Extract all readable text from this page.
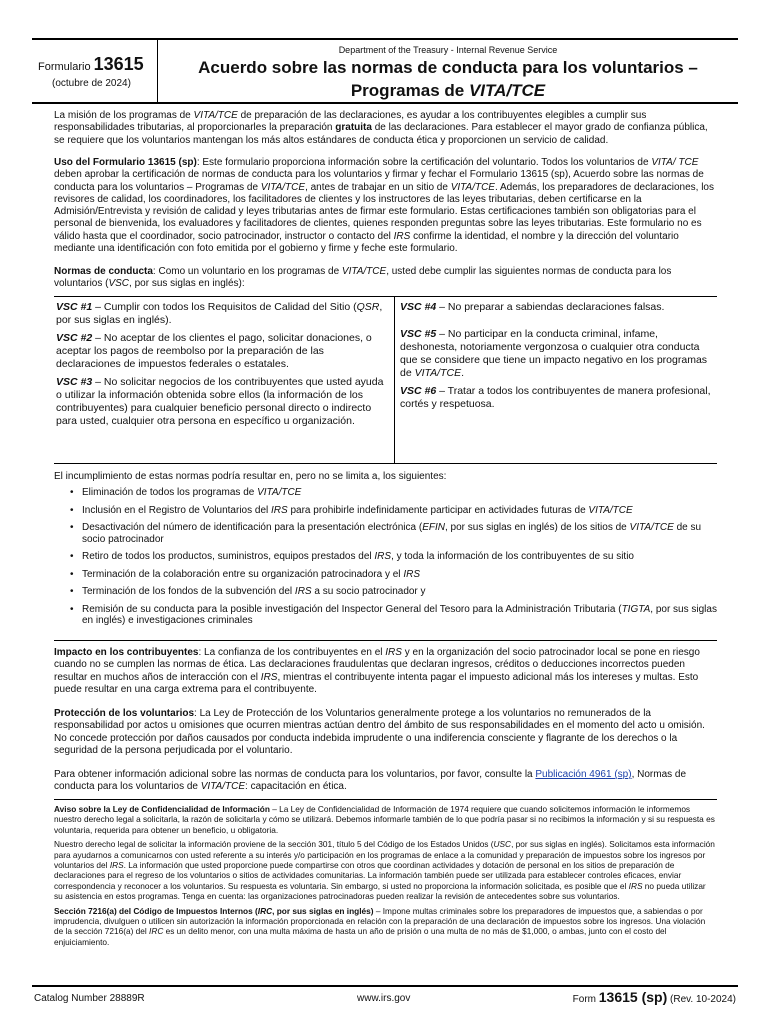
Formulario 13615
(octubre de 2024)
Department of the Treasury - Internal Revenue Service
Acuerdo sobre las normas de conducta para los voluntarios –
Programas de VITA/TCE

La misión de los programas de VITA/TCE de preparación de las declaraciones, es ayudar a los contribuyentes elegibles a cumplir sus responsabilidades tributarias, al proporcionarles la preparación gratuita de las declaraciones. Para establecer el mayor grado de confianza pública, se requiere que los voluntarios mantengan los más altos estándares de conducta ética y proporcionen un servicio de calidad.

Uso del Formulario 13615 (sp): Este formulario proporciona información sobre la certificación del voluntario. Todos los voluntarios de VITA/ TCE deben aprobar la certificación de normas de conducta para los voluntarios y firmar y fechar el Formulario 13615 (sp), Acuerdo sobre las normas de conducta para los voluntarios – Programas de VITA/TCE, antes de trabajar en un sitio de VITA/TCE. Además, los preparadores de declaraciones, los revisores de calidad, los coordinadores, los facilitadores de clientes y los instructores de las leyes tributarias, deben certificarse en la Admisión/Entrevista y revisión de calidad y leyes tributarias antes de firmar este formulario. Estas certificaciones también son obligatorias para el personal de bienvenida, los evaluadores y facilitadores de clientes, quienes responden preguntas sobre las leyes tributarias. Este formulario no es válido hasta que el coordinador, socio patrocinador, instructor o contacto del IRS confirme la identidad, el nombre y la dirección del voluntario mediante una identificación con foto emitida por el gobierno y firme y feche este formulario.

Normas de conducta: Como un voluntario en los programas de VITA/TCE, usted debe cumplir las siguientes normas de conducta para los voluntarios (VSC, por sus siglas en inglés):

VSC #1 – Cumplir con todos los Requisitos de Calidad del Sitio (QSR, por sus siglas en inglés).
VSC #2 – No aceptar de los clientes el pago, solicitar donaciones, o aceptar los pagos de reembolso por la preparación de las declaraciones de impuestos federales o estatales.
VSC #3 – No solicitar negocios de los contribuyentes que usted ayuda o utilizar la información obtenida sobre ellos (la información de los contribuyentes) para cualquier beneficio personal directo o indirecto para usted, cualquier otra persona en específico u organización.
VSC #4 – No preparar a sabiendas declaraciones falsas.
VSC #5 – No participar en la conducta criminal, infame, deshonesta, notoriamente vergonzosa o cualquier otra conducta que se considere que tiene un impacto negativo en los programas de VITA/TCE.
VSC #6 – Tratar a todos los contribuyentes de manera profesional, cortés y respetuosa.
El incumplimiento de estas normas podría resultar en, pero no se limita a, los siguientes:
• Eliminación de todos los programas de VITA/TCE
• Inclusión en el Registro de Voluntarios del IRS para prohibirle indefinidamente participar en actividades futuras de VITA/TCE
• Desactivación del número de identificación para la presentación electrónica (EFIN, por sus siglas en inglés) de los sitios de VITA/TCE de su socio patrocinador
• Retiro de todos los productos, suministros, equipos prestados del IRS, y toda la información de los contribuyentes de su sitio
• Terminación de la colaboración entre su organización patrocinadora y el IRS
• Terminación de los fondos de la subvención del IRS a su socio patrocinador y
• Remisión de su conducta para la posible investigación del Inspector General del Tesoro para la Administración Tributaria (TIGTA, por sus siglas en inglés) e investigaciones criminales

Impacto en los contribuyentes: La confianza de los contribuyentes en el IRS y en la organización del socio patrocinador local se pone en riesgo cuando no se cumplen las normas de ética. Las declaraciones fraudulentas que declaran ingresos, créditos o deducciones incorrectos pueden resultar en muchos años de interacción con el IRS, mientras el contribuyente intenta pagar el impuesto adicional más los intereses y multas. Esto puede resultar en una carga extrema para el contribuyente.

Protección de los voluntarios: La Ley de Protección de los Voluntarios generalmente protege a los voluntarios no remunerados de la responsabilidad por actos u omisiones que ocurren mientras actúan dentro del ámbito de sus responsabilidades en el momento del acto u omisión. No concede protección por daños causados por conducta indebida imprudente o una indiferencia consciente y flagrante de los derechos o la seguridad de la persona perjudicada por el voluntario.

Para obtener información adicional sobre las normas de conducta para los voluntarios, por favor, consulte la Publicación 4961 (sp), Normas de conducta para los voluntarios de VITA/TCE: capacitación en ética.

Aviso sobre la Ley de Confidencialidad de Información – La Ley de Confidencialidad de Información de 1974 requiere que cuando solicitemos información le informemos nuestro derecho legal a solicitarla, la razón de solicitarla y cómo se utilizará. Debemos informarle también de lo que podría pasar si no recibimos la información y si su respuesta es voluntaria, requerida para obtener un beneficio, u obligatoria.

Nuestro derecho legal de solicitar la información proviene de la sección 301, título 5 del Código de los Estados Unidos (USC, por sus siglas en inglés). Solicitamos esta información para ayudarnos a comunicarnos con usted referente a su interés y/o participación en los programas de enlace a la comunidad y preparación de impuestos sobre los ingresos por voluntarios del IRS. La información que usted proporcione puede compartirse con otros que coordinan actividades y dotación de personal en los sitios de preparación de declaraciones para el regreso de los voluntarios o sitios de actividades comunitarias. La información también puede ser utilizada para establecer controles eficaces, enviar correspondencia y reconocer a los voluntarios. Su respuesta es voluntaria. Sin embargo, si usted no proporciona la información solicitada, es posible que el IRS no pueda utilizar su asistencia en estos programas. Tenga en cuenta: las organizaciones patrocinadoras pueden realizar la revisión de antecedentes sobre sus voluntarios.

Sección 7216(a) del Código de Impuestos Internos (IRC, por sus siglas en inglés) – Impone multas criminales sobre los preparadores de impuestos que, a sabiendas o por imprudencia, divulguen o utilicen sin autorización la información proporcionada en relación con la preparación de una declaración de impuestos sobre los ingresos. Una violación de la sección 7216(a) del IRC es un delito menor, con una multa máxima de hasta un año de prisión o una multa de no más de $1,000, o ambas, junto con el costo del enjuiciamiento.

Catalog Number 28889R	www.irs.gov	Form 13615 (sp) (Rev. 10-2024)
